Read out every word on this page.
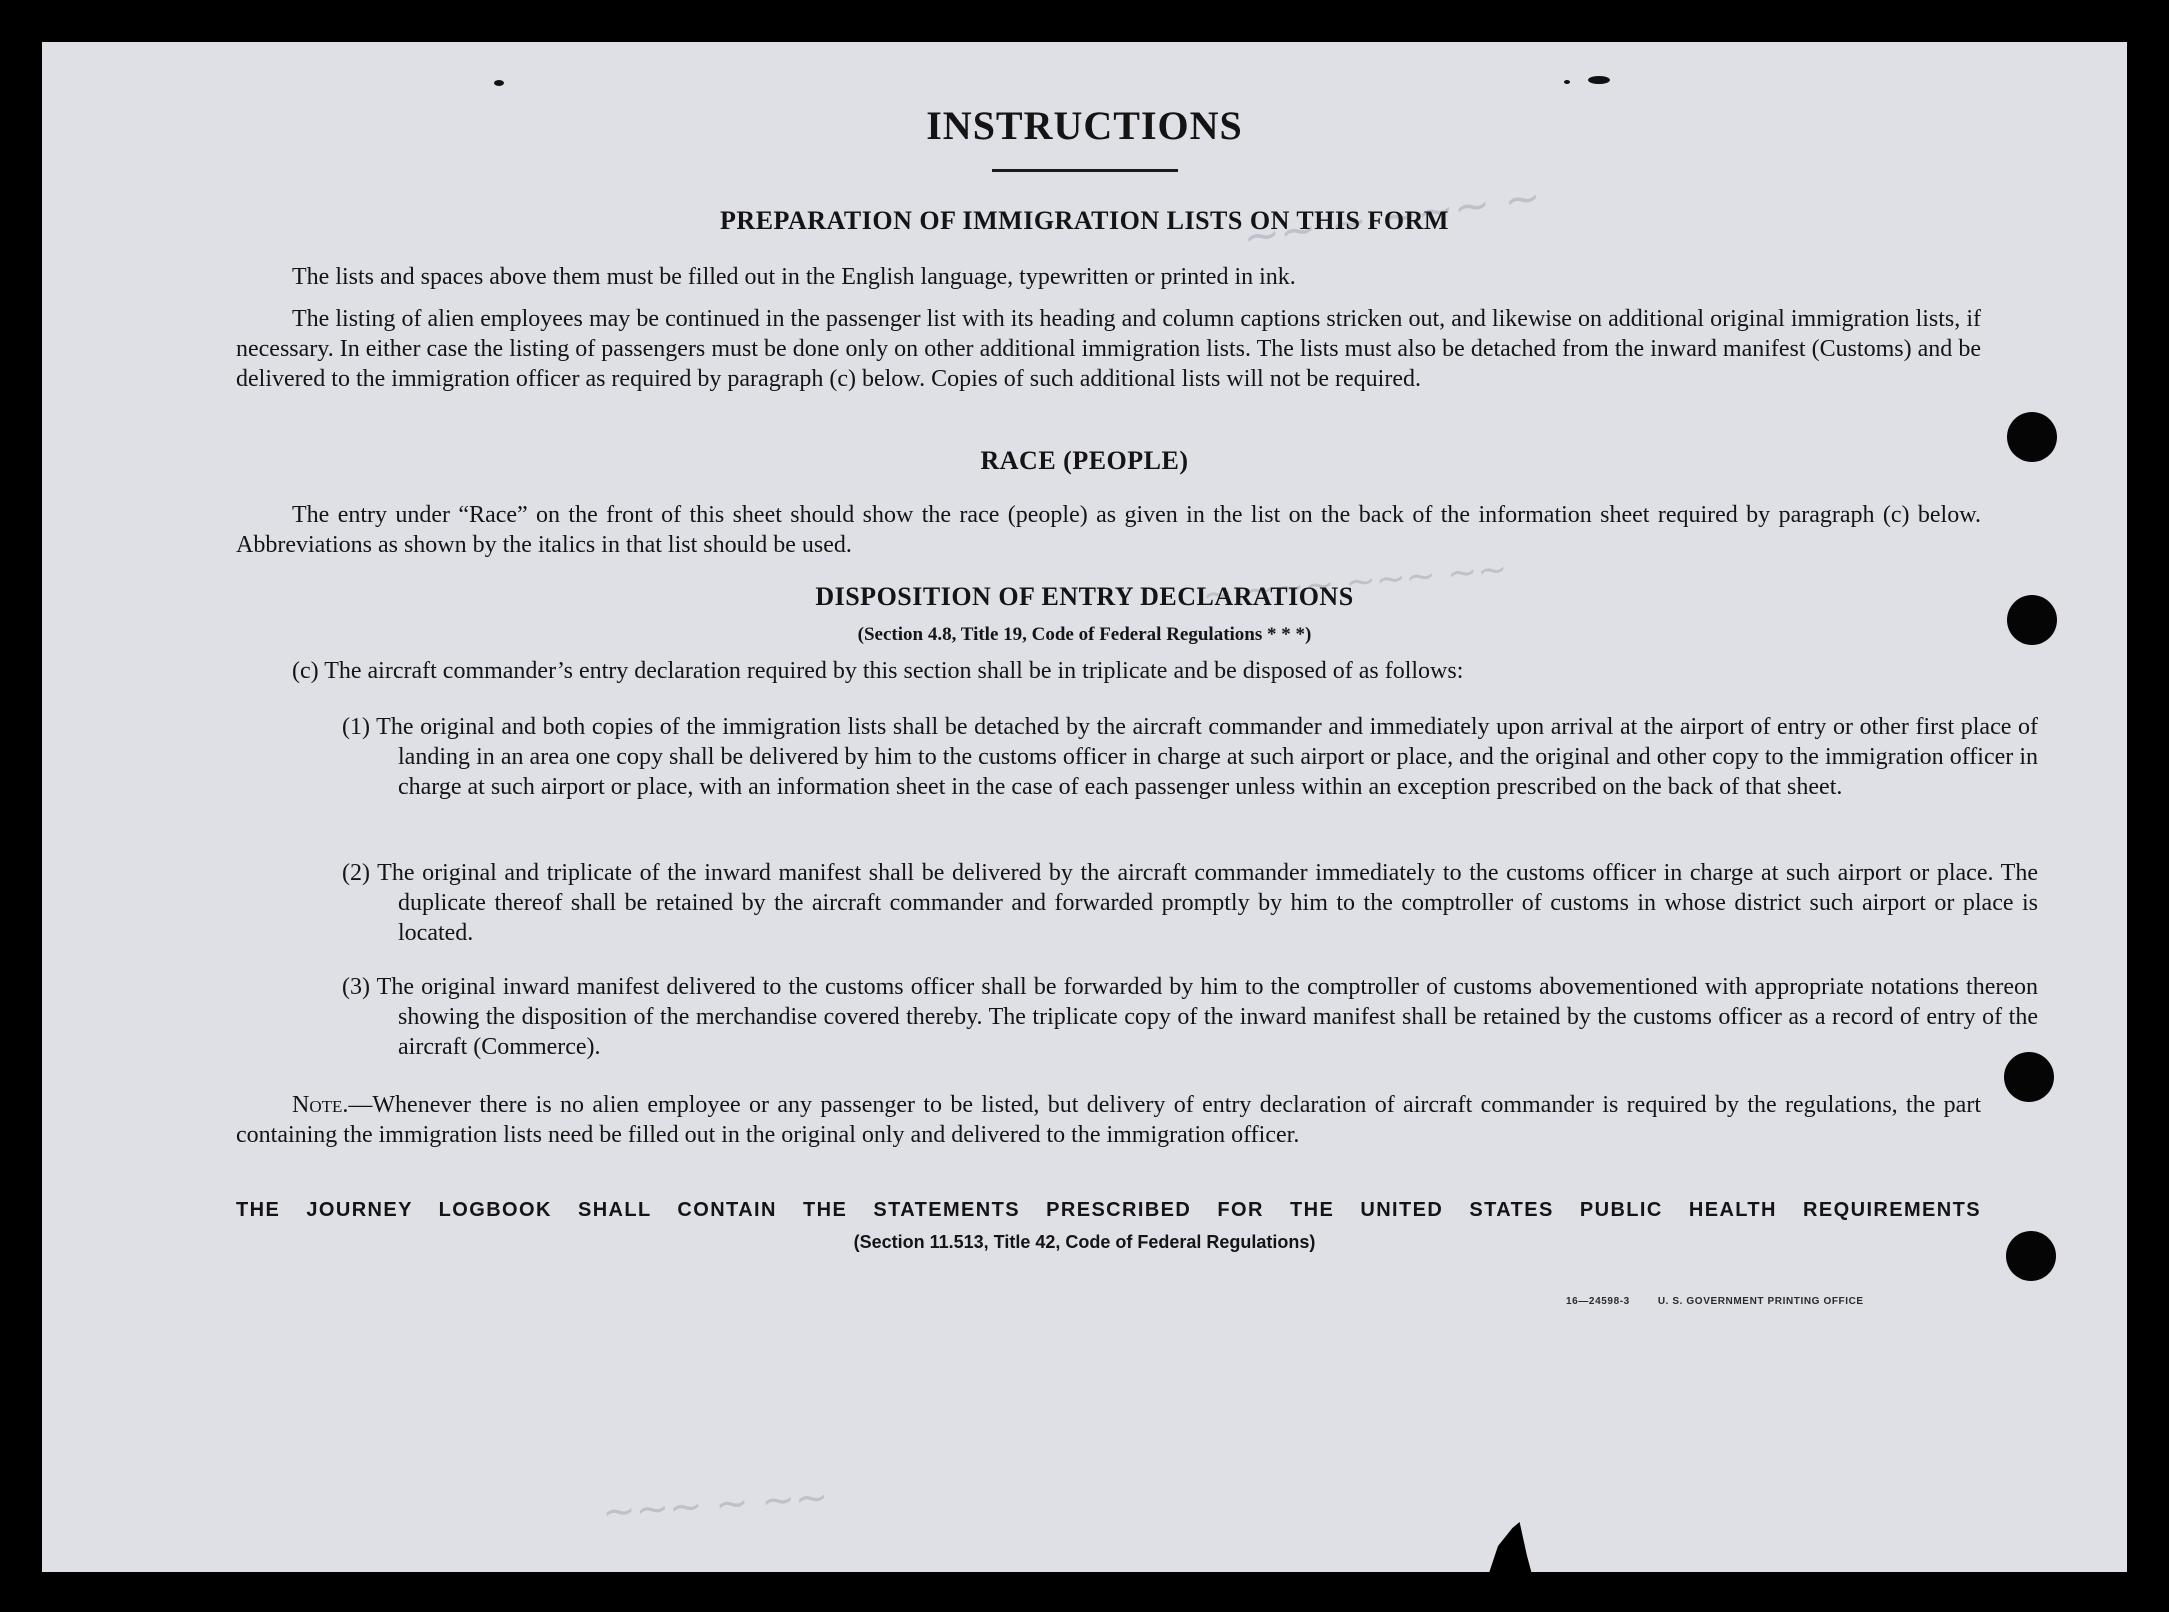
~~ ~ ~~~ ~
~ ~~~ ~~~ ~~
~~~ ~ ~~
INSTRUCTIONS
PREPARATION OF IMMIGRATION LISTS ON THIS FORM
The lists and spaces above them must be filled out in the English language, typewritten or printed in ink.
The listing of alien employees may be continued in the passenger list with its heading and column captions stricken out, and likewise on additional original immigration lists, if necessary. In either case the listing of passengers must be done only on other additional immigration lists. The lists must also be detached from the inward manifest (Customs) and be delivered to the immigration officer as required by paragraph (c) below. Copies of such additional lists will not be required.
RACE (PEOPLE)
The entry under “Race” on the front of this sheet should show the race (people) as given in the list on the back of the information sheet required by paragraph (c) below. Abbreviations as shown by the italics in that list should be used.
DISPOSITION OF ENTRY DECLARATIONS
(Section 4.8, Title 19, Code of Federal Regulations * * *)
(c) The aircraft commander’s entry declaration required by this section shall be in triplicate and be disposed of as follows:
(1) The original and both copies of the immigration lists shall be detached by the aircraft commander and immediately upon arrival at the airport of entry or other first place of landing in an area one copy shall be delivered by him to the customs officer in charge at such airport or place, and the original and other copy to the immigration officer in charge at such airport or place, with an information sheet in the case of each passenger unless within an exception prescribed on the back of that sheet.
(2) The original and triplicate of the inward manifest shall be delivered by the aircraft commander immediately to the customs officer in charge at such airport or place. The duplicate thereof shall be retained by the aircraft commander and forwarded promptly by him to the comptroller of customs in whose district such airport or place is located.
(3) The original inward manifest delivered to the customs officer shall be forwarded by him to the comptroller of customs abovementioned with appropriate notations thereon showing the disposition of the merchandise covered thereby. The triplicate copy of the inward manifest shall be retained by the customs officer as a record of entry of the aircraft (Commerce).
Note.—Whenever there is no alien employee or any passenger to be listed, but delivery of entry declaration of aircraft commander is required by the regulations, the part containing the immigration lists need be filled out in the original only and delivered to the immigration officer.
THE JOURNEY LOGBOOK SHALL CONTAIN THE STATEMENTS PRESCRIBED FOR THE UNITED STATES PUBLIC HEALTH REQUIREMENTS
(Section 11.513, Title 42, Code of Federal Regulations)
16—24598-3	U. S. GOVERNMENT PRINTING OFFICE
